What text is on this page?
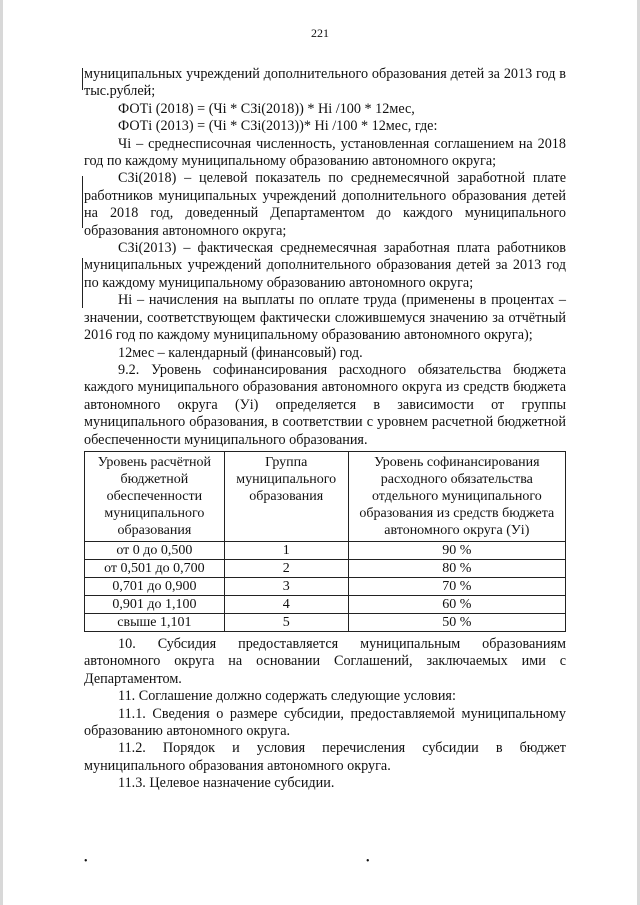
221

муниципальных учреждений дополнительного образования детей за 2013 год в тыс.рублей;

ФОТi (2018) = (Чi * СЗi(2018)) * Нi /100 * 12мес,

ФОТi (2013) = (Чi * СЗi(2013))* Нi /100 * 12мес, где:

Чi – среднесписочная численность, установленная соглашением на 2018 год по каждому муниципальному образованию автономного округа;

СЗi(2018) – целевой показатель по среднемесячной заработной плате работников муниципальных учреждений дополнительного образования детей на 2018 год, доведенный Департаментом до каждого муниципального образования автономного округа;

СЗi(2013) – фактическая среднемесячная заработная плата работников муниципальных учреждений дополнительного образования детей за 2013 год по каждому муниципальному образованию автономного округа;

Нi – начисления на выплаты по оплате труда (применены в процентах – значении, соответствующем фактически сложившемуся значению за отчётный 2016 год по каждому муниципальному образованию автономного округа);

12мес – календарный (финансовый) год.

9.2. Уровень софинансирования расходного обязательства бюджета каждого муниципального образования автономного округа из средств бюджета автономного округа (Уi) определяется в зависимости от группы муниципального образования, в соответствии с уровнем расчетной бюджетной обеспеченности муниципального образования.

Уровень расчётной бюджетной обеспеченности муниципального образования	Группа муниципального образования	Уровень софинансирования расходного обязательства отдельного муниципального образования из средств бюджета автономного округа (Уi)
от 0 до 0,500	1	90 %
от 0,501 до 0,700	2	80 %
0,701 до 0,900	3	70 %
0,901 до 1,100	4	60 %
свыше 1,101	5	50 %

10. Субсидия предоставляется муниципальным образованиям автономного округа на основании Соглашений, заключаемых ими с Департаментом.

11. Соглашение должно содержать следующие условия:

11.1. Сведения о размере субсидии, предоставляемой муниципальному образованию автономного округа.

11.2. Порядок и условия перечисления субсидии в бюджет муниципального образования автономного округа.

11.3. Целевое назначение субсидии.

•	•
